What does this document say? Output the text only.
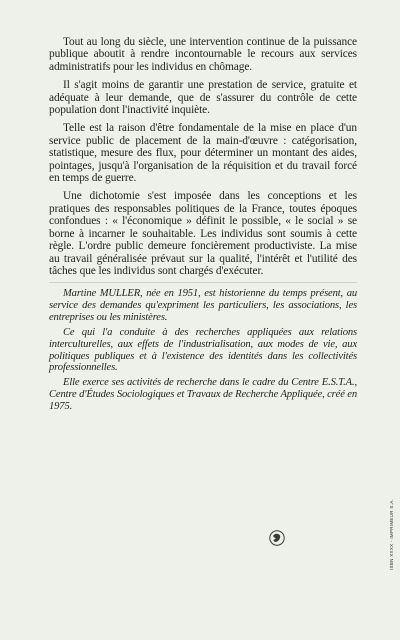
Tout au long du siècle, une intervention continue de la puissance publique aboutit à rendre incontournable le recours aux services administratifs pour les individus en chômage.

Il s'agit moins de garantir une prestation de service, gratuite et adéquate à leur demande, que de s'assurer du contrôle de cette population dont l'inactivité inquiète.

Telle est la raison d'être fondamentale de la mise en place d'un service public de placement de la main-d'œuvre : catégorisation, statistique, mesure des flux, pour déterminer un montant des aides, pointages, jusqu'à l'organisation de la réquisition et du travail forcé en temps de guerre.

Une dichotomie s'est imposée dans les conceptions et les pratiques des responsables politiques de la France, toutes époques confondues : « l'économique » définit le possible, « le social » se borne à incarner le souhaitable. Les individus sont soumis à cette règle. L'ordre public demeure foncièrement productiviste. La mise au travail généralisée prévaut sur la qualité, l'intérêt et l'utilité des tâches que les individus sont chargés d'exécuter.

Martine MULLER, née en 1951, est historienne du temps présent, au service des demandes qu'expriment les particuliers, les associations, les entreprises ou les ministères.

Ce qui l'a conduite à des recherches appliquées aux relations interculturelles, aux effets de l'industrialisation, aux modes de vie, aux politiques publiques et à l'existence des identités dans les collectivités professionnelles.

Elle exerce ses activités de recherche dans le cadre du Centre E.S.T.A., Centre d'Études Sociologiques et Travaux de Recherche Appliquée, créé en 1975.

ISBN XXXX - IMPRIMEUR S.A.
